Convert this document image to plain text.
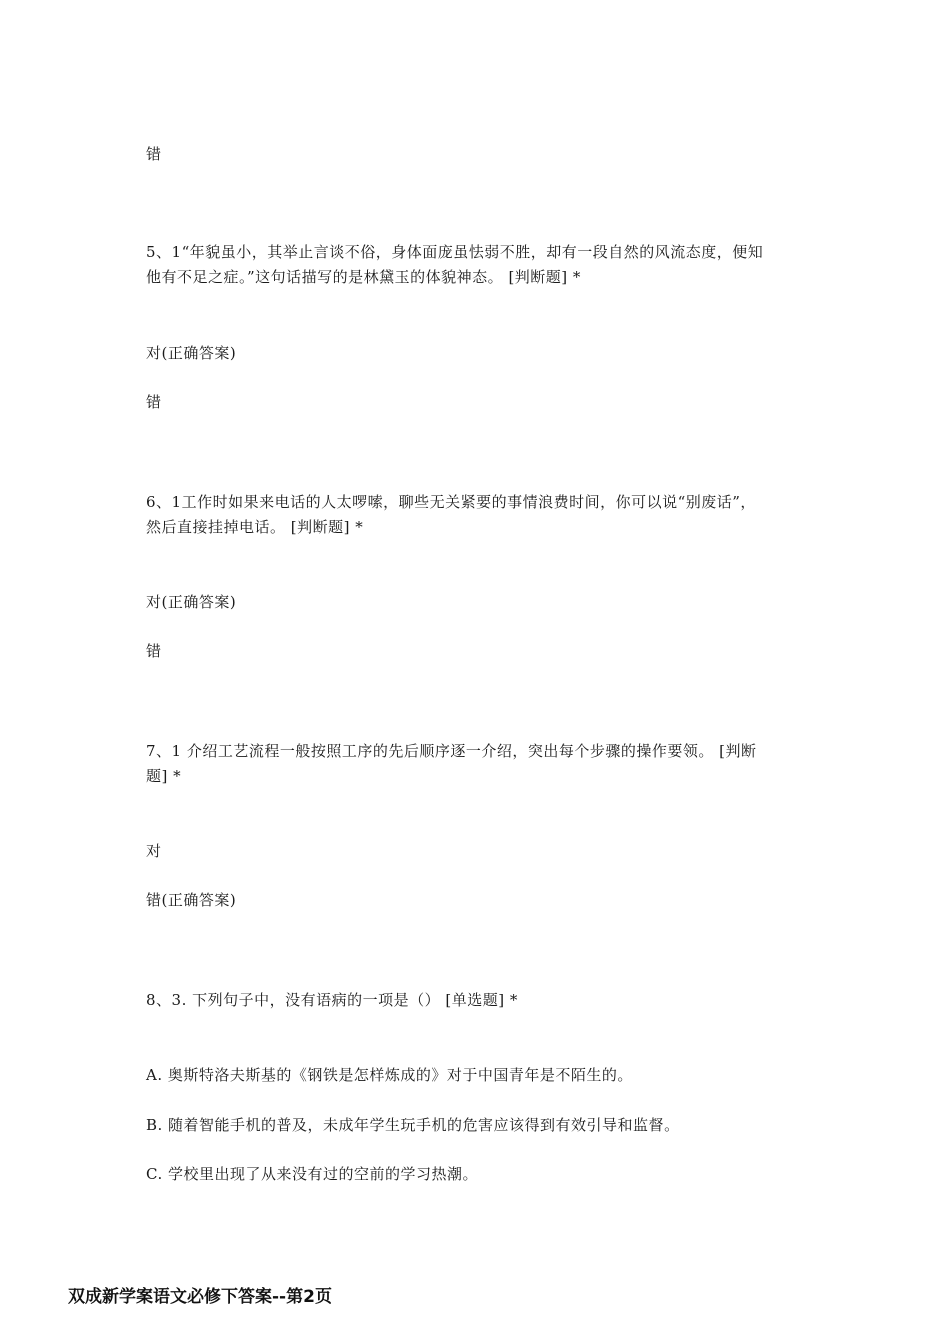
错
5、1“年貌虽小，其举止言谈不俗，身体面庞虽怯弱不胜，却有一段自然的风流态度，便知
他有不足之症。”这句话描写的是林黛玉的体貌神态。 [判断题] *
对(正确答案)
错
6、1工作时如果来电话的人太啰嗦，聊些无关紧要的事情浪费时间，你可以说“别废话”，
然后直接挂掉电话。 [判断题] *
对(正确答案)
错
7、1 介绍工艺流程一般按照工序的先后顺序逐一介绍，突出每个步骤的操作要领。 [判断
题] *
对
错(正确答案)
8、3. 下列句子中，没有语病的一项是（） [单选题] *
A. 奥斯特洛夫斯基的《钢铁是怎样炼成的》对于中国青年是不陌生的。
B. 随着智能手机的普及，未成年学生玩手机的危害应该得到有效引导和监督。
C. 学校里出现了从来没有过的空前的学习热潮。
双成新学案语文必修下答案--第2页
